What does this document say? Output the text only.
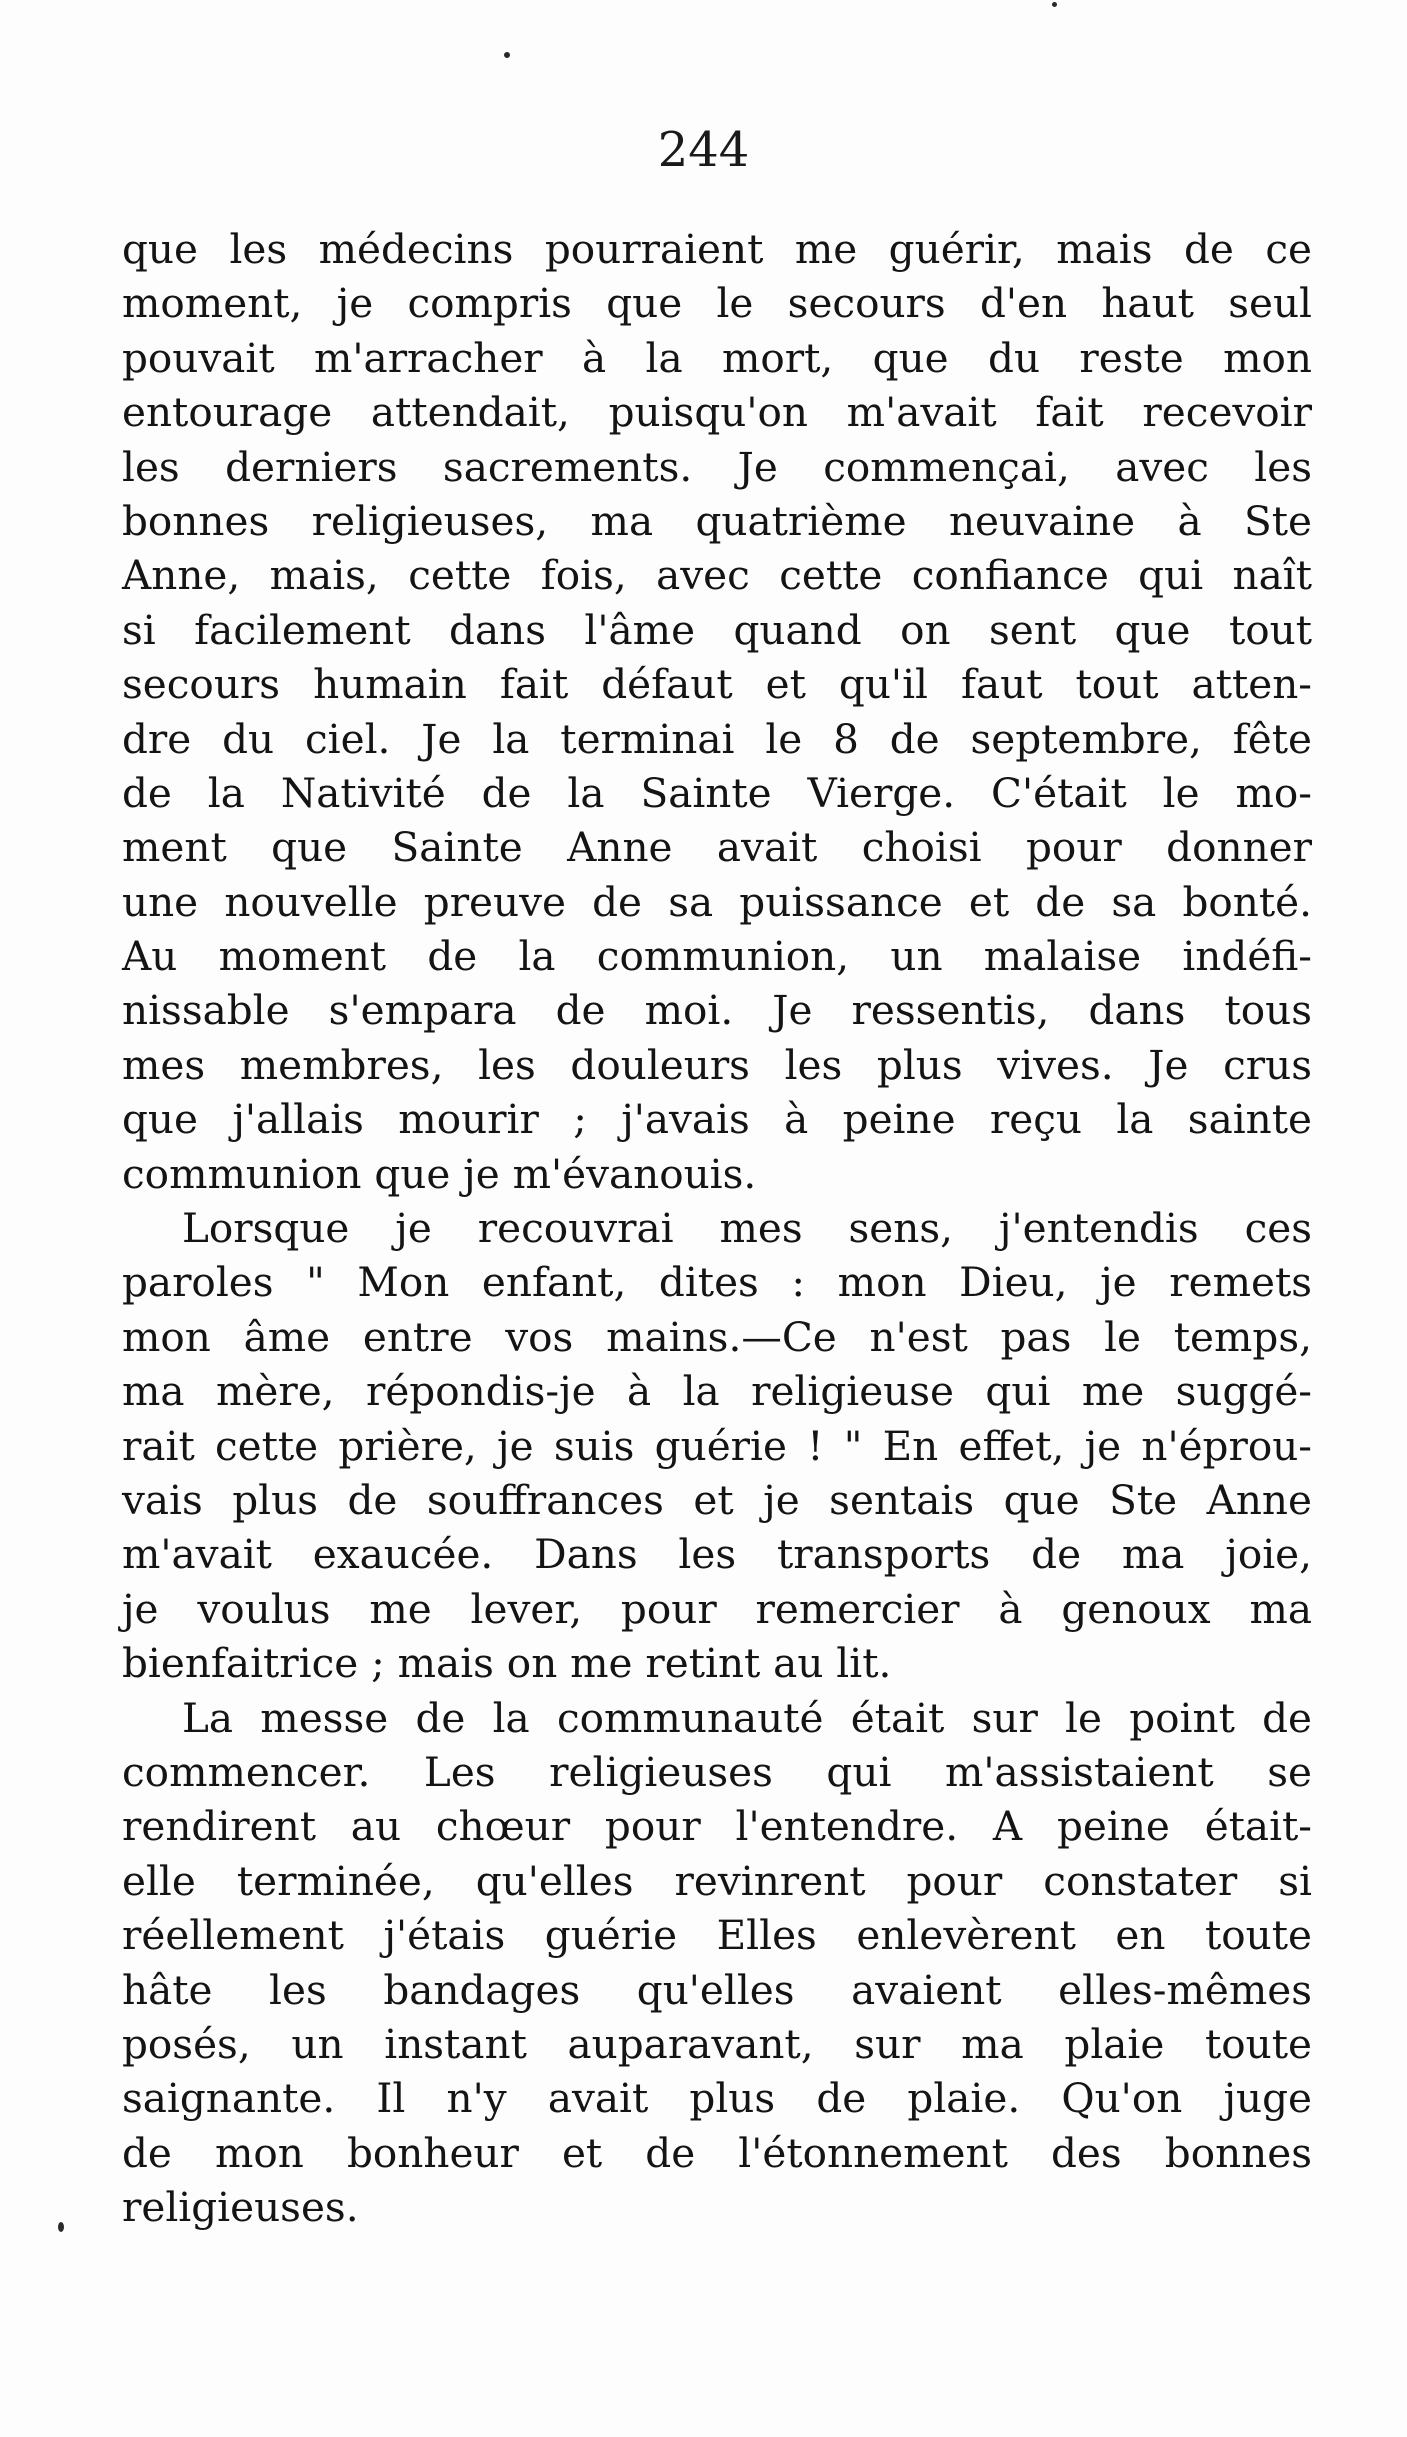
244
que les médecins pourraient me guérir, mais de ce
moment, je compris que le secours d'en haut seul
pouvait m'arracher à la mort, que du reste mon
entourage attendait, puisqu'on m'avait fait recevoir
les derniers sacrements. Je commençai, avec les
bonnes religieuses, ma quatrième neuvaine à Ste
Anne, mais, cette fois, avec cette confiance qui naît
si facilement dans l'âme quand on sent que tout
secours humain fait défaut et qu'il faut tout atten-
dre du ciel. Je la terminai le 8 de septembre, fête
de la Nativité de la Sainte Vierge. C'était le mo-
ment que Sainte Anne avait choisi pour donner
une nouvelle preuve de sa puissance et de sa bonté.
Au moment de la communion, un malaise indéfi-
nissable s'empara de moi. Je ressentis, dans tous
mes membres, les douleurs les plus vives. Je crus
que j'allais mourir ; j'avais à peine reçu la sainte
communion que je m'évanouis.
Lorsque je recouvrai mes sens, j'entendis ces
paroles " Mon enfant, dites : mon Dieu, je remets
mon âme entre vos mains.—Ce n'est pas le temps,
ma mère, répondis-je à la religieuse qui me suggé-
rait cette prière, je suis guérie ! " En effet, je n'éprou-
vais plus de souffrances et je sentais que Ste Anne
m'avait exaucée. Dans les transports de ma joie,
je voulus me lever, pour remercier à genoux ma
bienfaitrice ; mais on me retint au lit.
La messe de la communauté était sur le point de
commencer. Les religieuses qui m'assistaient se
rendirent au chœur pour l'entendre. A peine était-
elle terminée, qu'elles revinrent pour constater si
réellement j'étais guérie Elles enlevèrent en toute
hâte les bandages qu'elles avaient elles-mêmes
posés, un instant auparavant, sur ma plaie toute
saignante. Il n'y avait plus de plaie. Qu'on juge
de mon bonheur et de l'étonnement des bonnes
religieuses.
